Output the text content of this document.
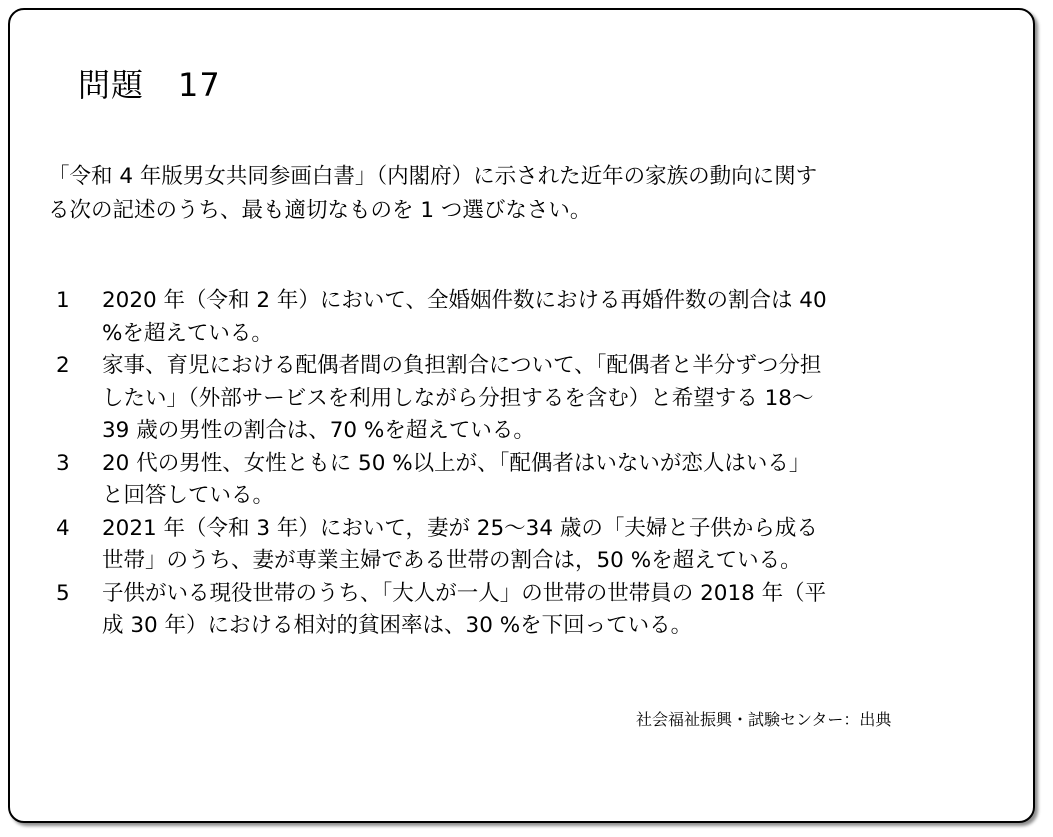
問題 17
「令和 4 年版男女共同参画白書」（内閣府）に示された近年の家族の動向に関す
る次の記述のうち、最も適切なものを 1 つ選びなさい。
1 2020 年（令和 2 年）において、全婚姻件数における再婚件数の割合は 40
%を超えている。
2 家事、育児における配偶者間の負担割合について、「配偶者と半分ずつ分担
したい」（外部サービスを利用しながら分担するを含む）と希望する 18～
39 歳の男性の割合は、70 %を超えている。
3 20 代の男性、女性ともに 50 %以上が、「配偶者はいないが恋人はいる」
と回答している。
4 2021 年（令和 3 年）において，妻が 25～34 歳の「夫婦と子供から成る
世帯」のうち、妻が専業主婦である世帯の割合は，50 %を超えている。
5 子供がいる現役世帯のうち、「大人が一人」の世帯の世帯員の 2018 年（平
成 30 年）における相対的貧困率は、30 %を下回っている。
社会福祉振興・試験センター：出典
